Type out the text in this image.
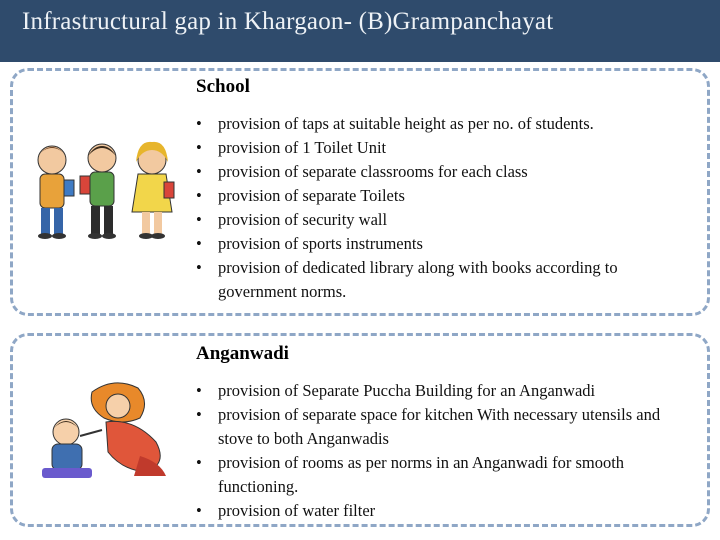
Infrastructural gap in Khargaon- (B)Grampanchayat
School
• provision of taps at suitable height as per no. of students.
• provision of 1 Toilet Unit
• provision of separate classrooms for each class
• provision of separate Toilets
• provision of security wall
• provision of sports instruments
• provision of dedicated library along with books according to government norms.
Anganwadi
• provision of Separate Puccha Building for an Anganwadi
• provision of separate space for kitchen With necessary utensils and stove to both Anganwadis
• provision of rooms as per norms in an Anganwadi for smooth functioning.
• provision of water filter
